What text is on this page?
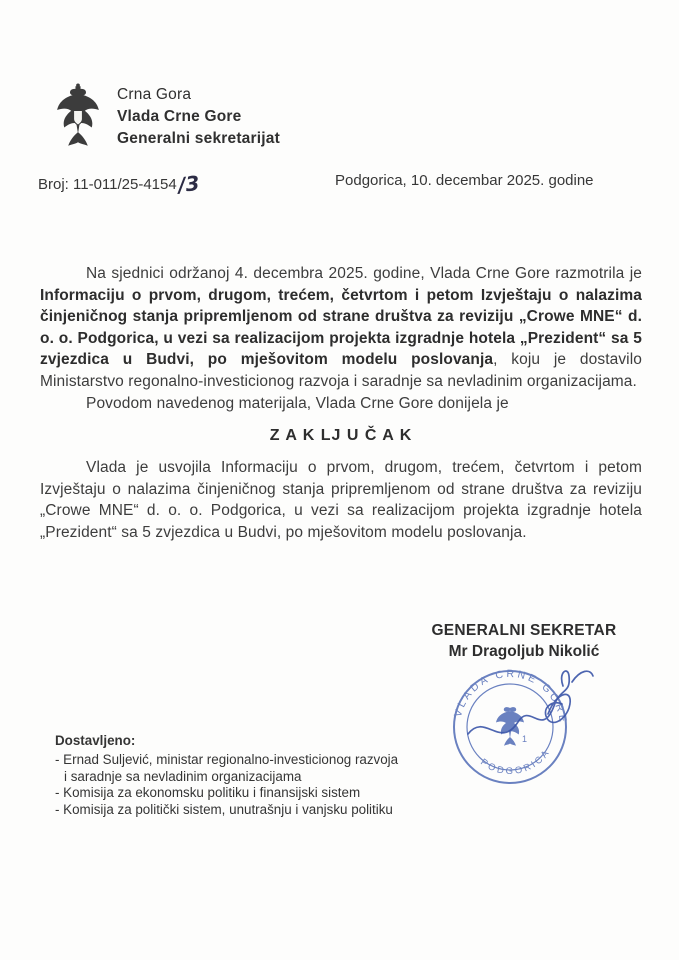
Crna Gora
Vlada Crne Gore
Generalni sekretarijat
Broj: 11-011/25-4154/3	Podgorica, 10. decembar 2025. godine

Na sjednici održanoj 4. decembra 2025. godine, Vlada Crne Gore razmotrila je Informaciju o prvom, drugom, trećem, četvrtom i petom Izvještaju o nalazima činjeničnog stanja pripremljenom od strane društva za reviziju „Crowe MNE“ d. o. o. Podgorica, u vezi sa realizacijom projekta izgradnje hotela „Prezident“ sa 5 zvjezdica u Budvi, po mješovitom modelu poslovanja, koju je dostavilo Ministarstvo regonalno-investicionog razvoja i saradnje sa nevladinim organizacijama.

Povodom navedenog materijala, Vlada Crne Gore donijela je

Z A K LJ U Č A K

Vlada je usvojila Informaciju o prvom, drugom, trećem, četvrtom i petom Izvještaju o nalazima činjeničnog stanja pripremljenom od strane društva za reviziju „Crowe MNE“ d. o. o. Podgorica, u vezi sa realizacijom projekta izgradnje hotela „Prezident“ sa 5 zvjezdica u Budvi, po mješovitom modelu poslovanja.

GENERALNI SEKRETAR
Mr Dragoljub Nikolić
VLADA CRNE GORE
PODGORICA
1
Dostavljeno:
- Ernad Suljević, ministar regionalno-investicionog razvoja i saradnje sa nevladinim organizacijama
- Komisija za ekonomsku politiku i finansijski sistem
- Komisija za politički sistem, unutrašnju i vanjsku politiku
